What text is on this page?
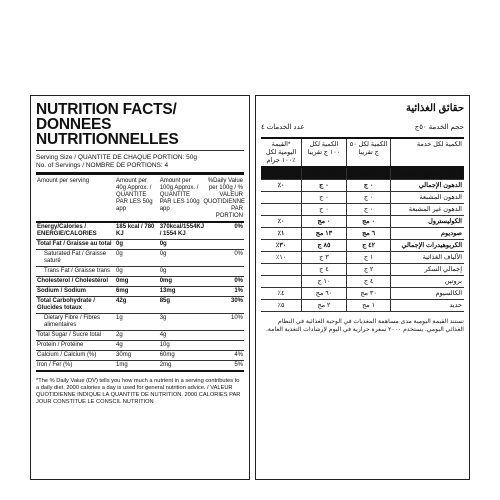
NUTRITION FACTS/
DONNEES NUTRITIONNELLES
Serving Size / QUANTITE DE CHAQUE PORTION: 50g
No. of Servings / NOMBRE DE PORTIONS: 4
Amount per serving	Amount per 40g Approx. / QUANTITE PAR LES 50g app	Amount per 100g Approx. / QUANTITE PAR LES 100g app	%Daily Value per 100g / % VALEUR QUOTIDIENNE PAR PORTION
Energy/Calories / ENERGIE/CALORIES	185 kcal / 780 KJ	370kcal/1554KJ / 1554 KJ	0%
Total Fat / Graisse au total	0g	0g	
Saturated Fat / Graisse saturé	0g	0g	0%
Trans Fat / Graisse trans	0g	0g	
Cholesterol / Cholestérol	0mg	0mg	0%
Sodium / Sodium	6mg	13mg	1%
Total Carbohydrate / Glucides totaux	42g	85g	30%
Dietary Fibre / Fibres alimentaires	1g	3g	10%
Total Sugar / Sucre total	2g	4g	
Protein / Protéine	4g	10g	
Calcium / Calcium (%)	30mg	60mg	4%
Iron / Fer (%)	1mg	2mg	5%
*The % Daily Value (DV) tells you how much a nutrient in a serving contributes to a daily diet. 2000 calories a day is used for general nutrition advice. / VALEUR QUOTIDIENNE INDIQUE LA QUANTITE DE NUTRITION. 2000 CALORIES PAR JOUR CONSTITUE LE CONSCIL NUTRITION
حقائق الغذائية
حجم الخدمة ٥٠ج
عدد الخدمات ٤
الكمية لكل خدمة	الكمية لكل ٥٠ ج تقريبا	الكمية لكل ١٠٠ ج تقريبا	*القيمة اليومية لكل ٪١٠٠ جرام
الطاقة / سعرات حرارية	١٨٥/٧٨٠	٣٧٠/١٥٥٤	
الدهون الإجمالي	٠ ج	٠ ج	٠٪
الدهون المشبعة	٠ ج	٠ ج	
الدهون غير المشبعة	٠ ج	٠ ج	
الكوليسترول	٠ مج	٠ مج	٠٪
صوديوم	٦ مج	١٣ مج	١٪
الكربوهيدرات الإجمالي	٤٢ ج	٨٥ ج	٣٠٪
الألياف الغذائية	١ ج	٣ ج	١٠٪
إجمالي السكر	٢ ج	٤ ج	
بروتين	٤ ج	١٠ ج	
الكالسيوم	٣٠ مج	٦٠ مج	٤٪
حديد	١ مج	٢ مج	٥٪
تستند القيمة اليومية مدى مساهمة المغذيات في الوجبة الغذائية في النظام الغذائي اليومي. يستخدم ٢٠٠٠ سعرة حرارية في اليوم لإرشادات التغذية العامة.
